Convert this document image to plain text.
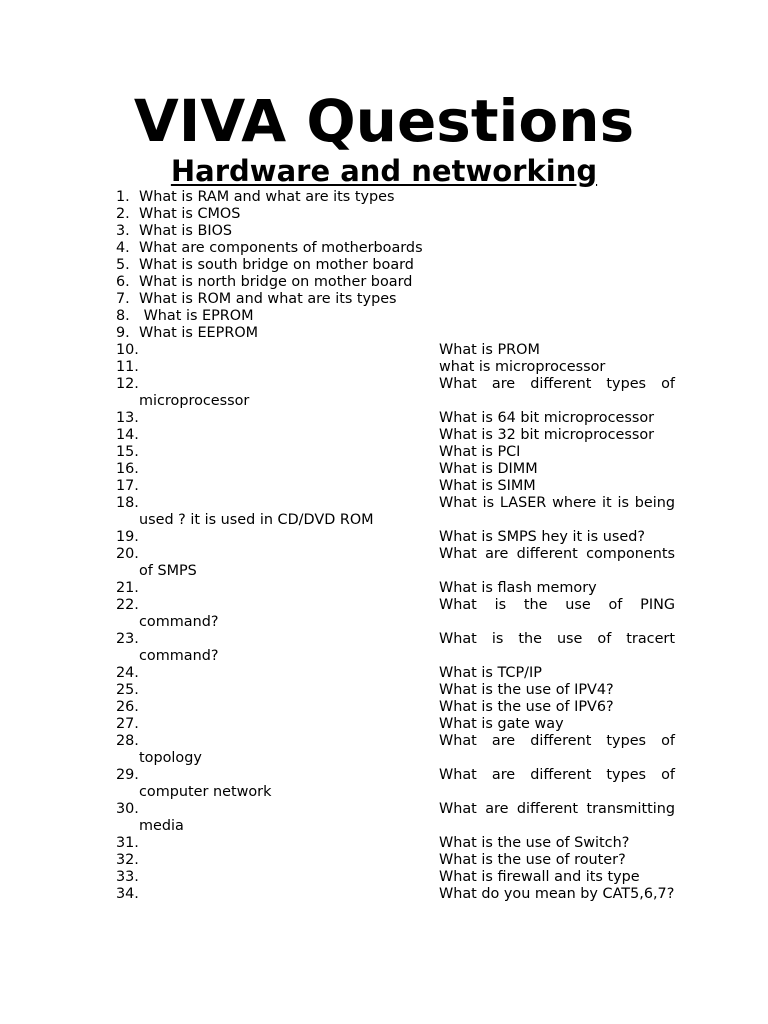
VIVA Questions
Hardware and networking
1. What is RAM and what are its types
2. What is CMOS
3. What is BIOS
4. What are components of motherboards
5. What is south bridge on mother board
6. What is north bridge on mother board
7. What is ROM and what are its types
8. What is EPROM
9. What is EEPROM
10.	What is PROM
11.	what is microprocessor
12.	What are different types of microprocessor
13.	What is 64 bit microprocessor
14.	What is 32 bit microprocessor
15.	What is PCI
16.	What is DIMM
17.	What is SIMM
18.	What is LASER where it is being used ? it is used in CD/DVD ROM
19.	What is SMPS hey it is used?
20.	What are different components of SMPS
21.	What is flash memory
22.	What is the use of PING command?
23.	What is the use of tracert command?
24.	What is TCP/IP
25.	What is the use of IPV4?
26.	What is the use of IPV6?
27.	What is gate way
28.	What are different types of topology
29.	What are different types of computer network
30.	What are different transmitting media
31.	What is the use of Switch?
32.	What is the use of router?
33.	What is firewall and its type
34.	What do you mean by CAT5,6,7?
